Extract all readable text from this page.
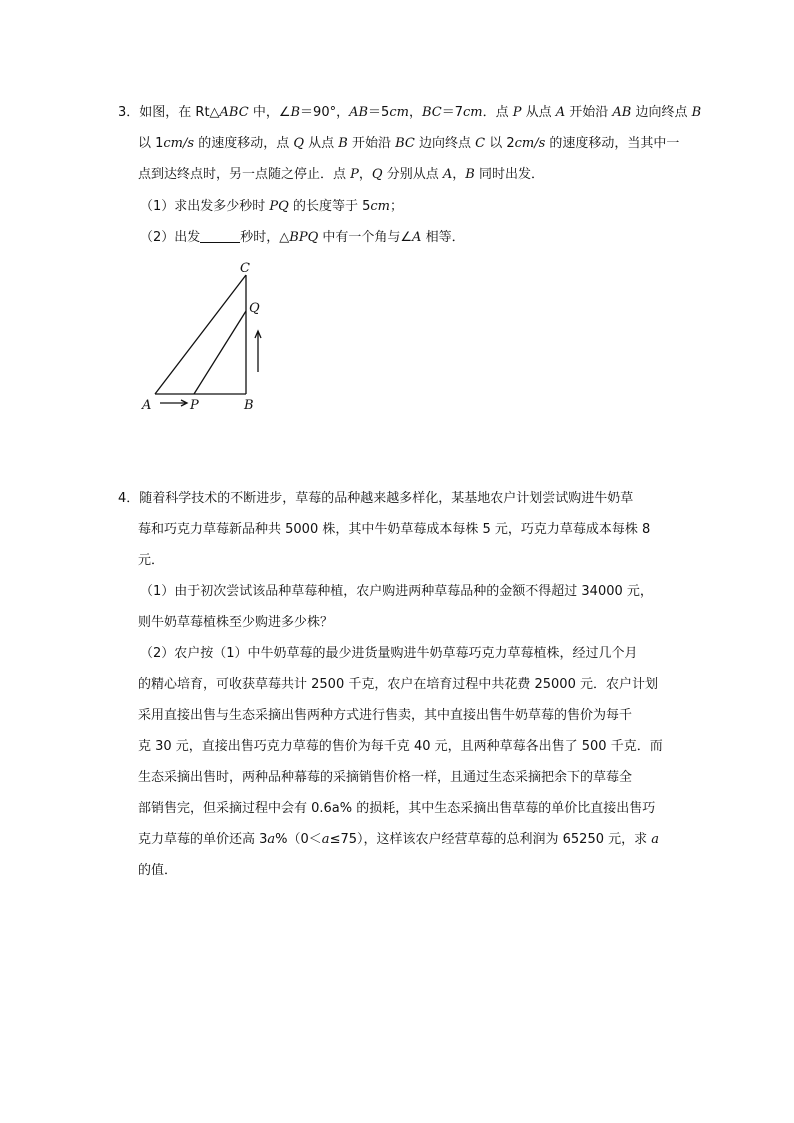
3．如图，在 Rt△ABC 中，∠B＝90°，AB＝5cm，BC＝7cm．点 P 从点 A 开始沿 AB 边向终点 B
以 1cm/s 的速度移动，点 Q 从点 B 开始沿 BC 边向终点 C 以 2cm/s 的速度移动，当其中一
点到达终点时，另一点随之停止．点 P，Q 分别从点 A，B 同时出发．
（1）求出发多少秒时 PQ 的长度等于 5cm；
（2）出发	秒时，△BPQ 中有一个角与∠A 相等．
C
Q
A	P	B
4．随着科学技术的不断进步，草莓的品种越来越多样化，某基地农户计划尝试购进牛奶草
莓和巧克力草莓新品种共 5000 株，其中牛奶草莓成本每株 5 元，巧克力草莓成本每株 8
元．
（1）由于初次尝试该品种草莓种植，农户购进两种草莓品种的金额不得超过 34000 元，
则牛奶草莓植株至少购进多少株？
（2）农户按（1）中牛奶草莓的最少进货量购进牛奶草莓巧克力草莓植株，经过几个月
的精心培育，可收获草莓共计 2500 千克，农户在培育过程中共花费 25000 元．农户计划
采用直接出售与生态采摘出售两种方式进行售卖，其中直接出售牛奶草莓的售价为每千
克 30 元，直接出售巧克力草莓的售价为每千克 40 元，且两种草莓各出售了 500 千克．而
生态采摘出售时，两种品种幕莓的采摘销售价格一样，且通过生态采摘把余下的草莓全
部销售完，但采摘过程中会有 0.6a% 的损耗，其中生态采摘出售草莓的单价比直接出售巧
克力草莓的单价还高 3a%（0＜a≤75），这样该农户经营草莓的总利润为 65250 元，求 a
的值．
